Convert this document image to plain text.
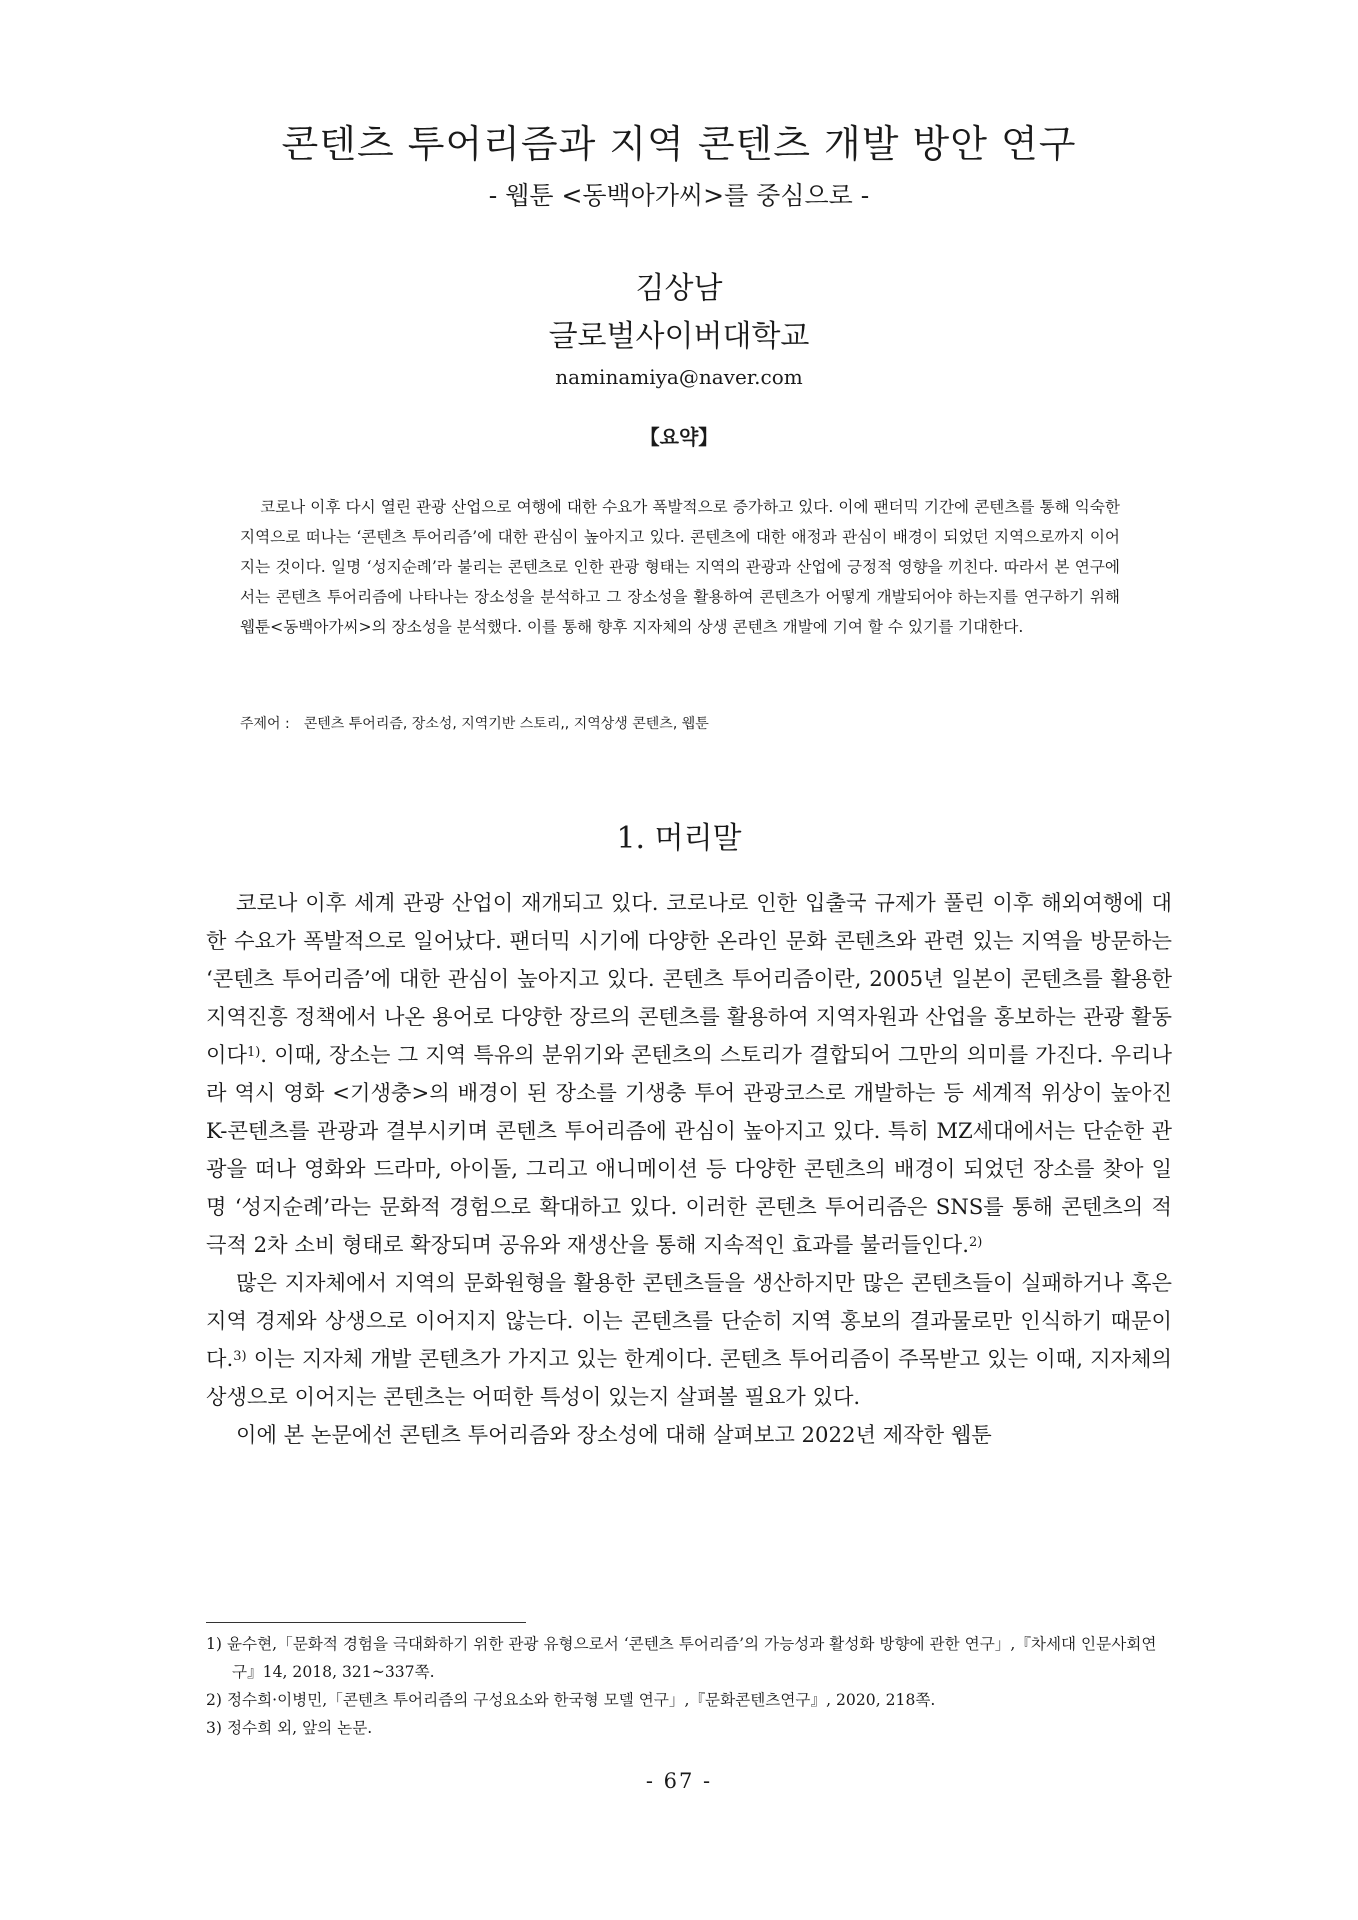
콘텐츠 투어리즘과 지역 콘텐츠 개발 방안 연구
- 웹툰 <동백아가씨>를 중심으로 -
김상남
글로벌사이버대학교
naminamiya@naver.com
【요약】

코로나 이후 다시 열린 관광 산업으로 여행에 대한 수요가 폭발적으로 증가하고 있다. 이에 팬더믹 기간에 콘텐츠를 통해 익숙한 지역으로 떠나는 ‘콘텐츠 투어리즘’에 대한 관심이 높아지고 있다. 콘텐츠에 대한 애정과 관심이 배경이 되었던 지역으로까지 이어지는 것이다. 일명 ‘성지순례’라 불리는 콘텐츠로 인한 관광 형태는 지역의 관광과 산업에 긍정적 영향을 끼친다. 따라서 본 연구에서는 콘텐츠 투어리즘에 나타나는 장소성을 분석하고 그 장소성을 활용하여 콘텐츠가 어떻게 개발되어야 하는지를 연구하기 위해 웹툰<동백아가씨>의 장소성을 분석했다. 이를 통해 향후 지자체의 상생 콘텐츠 개발에 기여 할 수 있기를 기대한다.

주제어 : 콘텐츠 투어리즘, 장소성, 지역기반 스토리,, 지역상생 콘텐츠, 웹툰
1. 머리말

코로나 이후 세계 관광 산업이 재개되고 있다. 코로나로 인한 입출국 규제가 풀린 이후 해외여행에 대한 수요가 폭발적으로 일어났다. 팬더믹 시기에 다양한 온라인 문화 콘텐츠와 관련 있는 지역을 방문하는 ‘콘텐츠 투어리즘’에 대한 관심이 높아지고 있다. 콘텐츠 투어리즘이란, 2005년 일본이 콘텐츠를 활용한 지역진흥 정책에서 나온 용어로 다양한 장르의 콘텐츠를 활용하여 지역자원과 산업을 홍보하는 관광 활동이다$^{1)}$. 이때, 장소는 그 지역 특유의 분위기와 콘텐츠의 스토리가 결합되어 그만의 의미를 가진다. 우리나라 역시 영화 <기생충>의 배경이 된 장소를 기생충 투어 관광코스로 개발하는 등 세계적 위상이 높아진 K-콘텐츠를 관광과 결부시키며 콘텐츠 투어리즘에 관심이 높아지고 있다. 특히 MZ세대에서는 단순한 관광을 떠나 영화와 드라마, 아이돌, 그리고 애니메이션 등 다양한 콘텐츠의 배경이 되었던 장소를 찾아 일명 ‘성지순례’라는 문화적 경험으로 확대하고 있다. 이러한 콘텐츠 투어리즘은 SNS를 통해 콘텐츠의 적극적 2차 소비 형태로 확장되며 공유와 재생산을 통해 지속적인 효과를 불러들인다.$^{2)}$

많은 지자체에서 지역의 문화원형을 활용한 콘텐츠들을 생산하지만 많은 콘텐츠들이 실패하거나 혹은 지역 경제와 상생으로 이어지지 않는다. 이는 콘텐츠를 단순히 지역 홍보의 결과물로만 인식하기 때문이다.$^{3)}$ 이는 지자체 개발 콘텐츠가 가지고 있는 한계이다. 콘텐츠 투어리즘이 주목받고 있는 이때, 지자체의 상생으로 이어지는 콘텐츠는 어떠한 특성이 있는지 살펴볼 필요가 있다.

이에 본 논문에선 콘텐츠 투어리즘와 장소성에 대해 살펴보고 2022년 제작한 웹툰

1) 윤수현,「문화적 경험을 극대화하기 위한 관광 유형으로서 ‘콘텐츠 투어리즘’의 가능성과 활성화 방향에 관한 연구」,『차세대 인문사회연구』14, 2018, 321~337쪽.
2) 정수희·이병민,「콘텐츠 투어리즘의 구성요소와 한국형 모델 연구」,『문화콘텐츠연구』, 2020, 218쪽.
3) 정수희 외, 앞의 논문.
- 67 -
